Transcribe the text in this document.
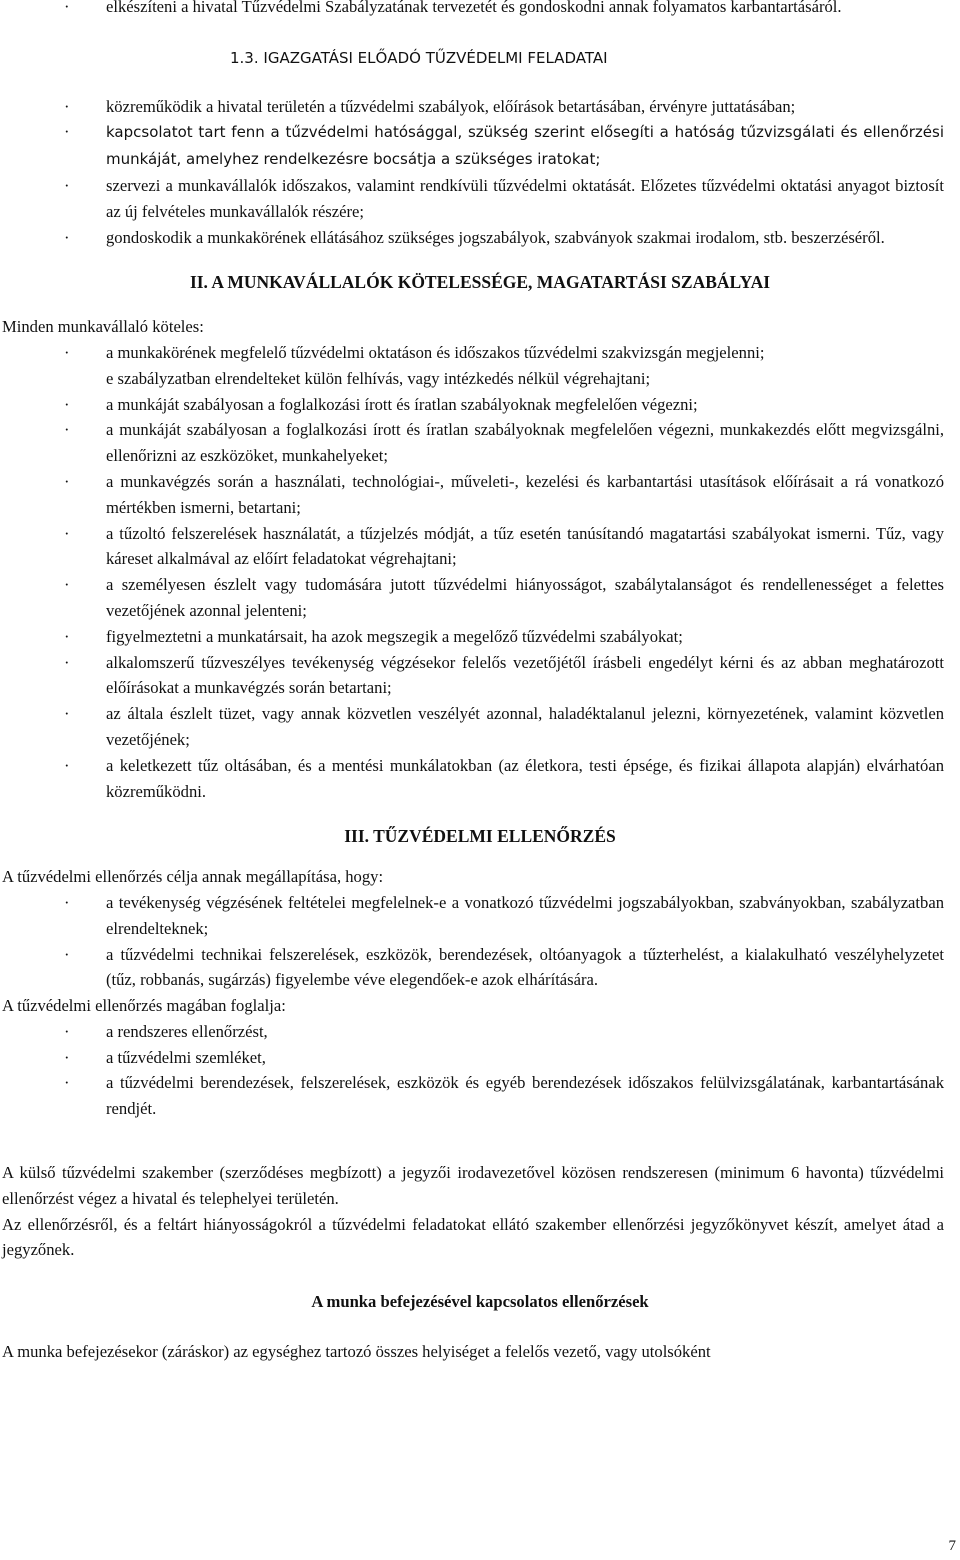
· elkészíteni a hivatal Tűzvédelmi Szabályzatának tervezetét és gondoskodni annak folyamatos karbantartásáról.
1.3. IGAZGATÁSI ELŐADÓ TŰZVÉDELMI FELADATAI
· közreműködik a hivatal területén a tűzvédelmi szabályok, előírások betartásában, érvényre juttatásában;
· kapcsolatot tart fenn a tűzvédelmi hatósággal, szükség szerint elősegíti a hatóság tűzvizsgálati és ellenőrzési munkáját, amelyhez rendelkezésre bocsátja a szükséges iratokat;
· szervezi a munkavállalók időszakos, valamint rendkívüli tűzvédelmi oktatását. Előzetes tűzvédelmi oktatási anyagot biztosít az új felvételes munkavállalók részére;
· gondoskodik a munkakörének ellátásához szükséges jogszabályok, szabványok szakmai irodalom, stb. beszerzéséről.
II. A MUNKAVÁLLALÓK KÖTELESSÉGE, MAGATARTÁSI SZABÁLYAI
Minden munkavállaló köteles:
· a munkakörének megfelelő tűzvédelmi oktatáson és időszakos tűzvédelmi szakvizsgán megjelenni;
e szabályzatban elrendelteket külön felhívás, vagy intézkedés nélkül végrehajtani;
· a munkáját szabályosan a foglalkozási írott és íratlan szabályoknak megfelelően végezni;
· a munkáját szabályosan a foglalkozási írott és íratlan szabályoknak megfelelően végezni, munkakezdés előtt megvizsgálni, ellenőrizni az eszközöket, munkahelyeket;
· a munkavégzés során a használati, technológiai-, műveleti-, kezelési és karbantartási utasítások előírásait a rá vonatkozó mértékben ismerni, betartani;
· a tűzoltó felszerelések használatát, a tűzjelzés módját, a tűz esetén tanúsítandó magatartási szabályokat ismerni. Tűz, vagy káreset alkalmával az előírt feladatokat végrehajtani;
· a személyesen észlelt vagy tudomására jutott tűzvédelmi hiányosságot, szabálytalanságot és rendellenességet a felettes vezetőjének azonnal jelenteni;
· figyelmeztetni a munkatársait, ha azok megszegik a megelőző tűzvédelmi szabályokat;
· alkalomszerű tűzveszélyes tevékenység végzésekor felelős vezetőjétől írásbeli engedélyt kérni és az abban meghatározott előírásokat a munkavégzés során betartani;
· az általa észlelt tüzet, vagy annak közvetlen veszélyét azonnal, haladéktalanul jelezni, környezetének, valamint közvetlen vezetőjének;
· a keletkezett tűz oltásában, és a mentési munkálatokban (az életkora, testi épsége, és fizikai állapota alapján) elvárhatóan közreműködni.
III. TŰZVÉDELMI ELLENŐRZÉS
A tűzvédelmi ellenőrzés célja annak megállapítása, hogy:
· a tevékenység végzésének feltételei megfelelnek-e a vonatkozó tűzvédelmi jogszabályokban, szabványokban, szabályzatban elrendelteknek;
· a tűzvédelmi technikai felszerelések, eszközök, berendezések, oltóanyagok a tűzterhelést, a kialakulható veszélyhelyzetet (tűz, robbanás, sugárzás) figyelembe véve elegendőek-e azok elhárítására.
A tűzvédelmi ellenőrzés magában foglalja:
· a rendszeres ellenőrzést,
· a tűzvédelmi szemléket,
· a tűzvédelmi berendezések, felszerelések, eszközök és egyéb berendezések időszakos felülvizsgálatának, karbantartásának rendjét.
A külső tűzvédelmi szakember (szerződéses megbízott) a jegyzői irodavezetővel közösen rendszeresen (minimum 6 havonta) tűzvédelmi ellenőrzést végez a hivatal és telephelyei területén.
Az ellenőrzésről, és a feltárt hiányosságokról a tűzvédelmi feladatokat ellátó szakember ellenőrzési jegyzőkönyvet készít, amelyet átad a jegyzőnek.
A munka befejezésével kapcsolatos ellenőrzések
A munka befejezésekor (záráskor) az egységhez tartozó összes helyiséget a felelős vezető, vagy utolsóként
7
